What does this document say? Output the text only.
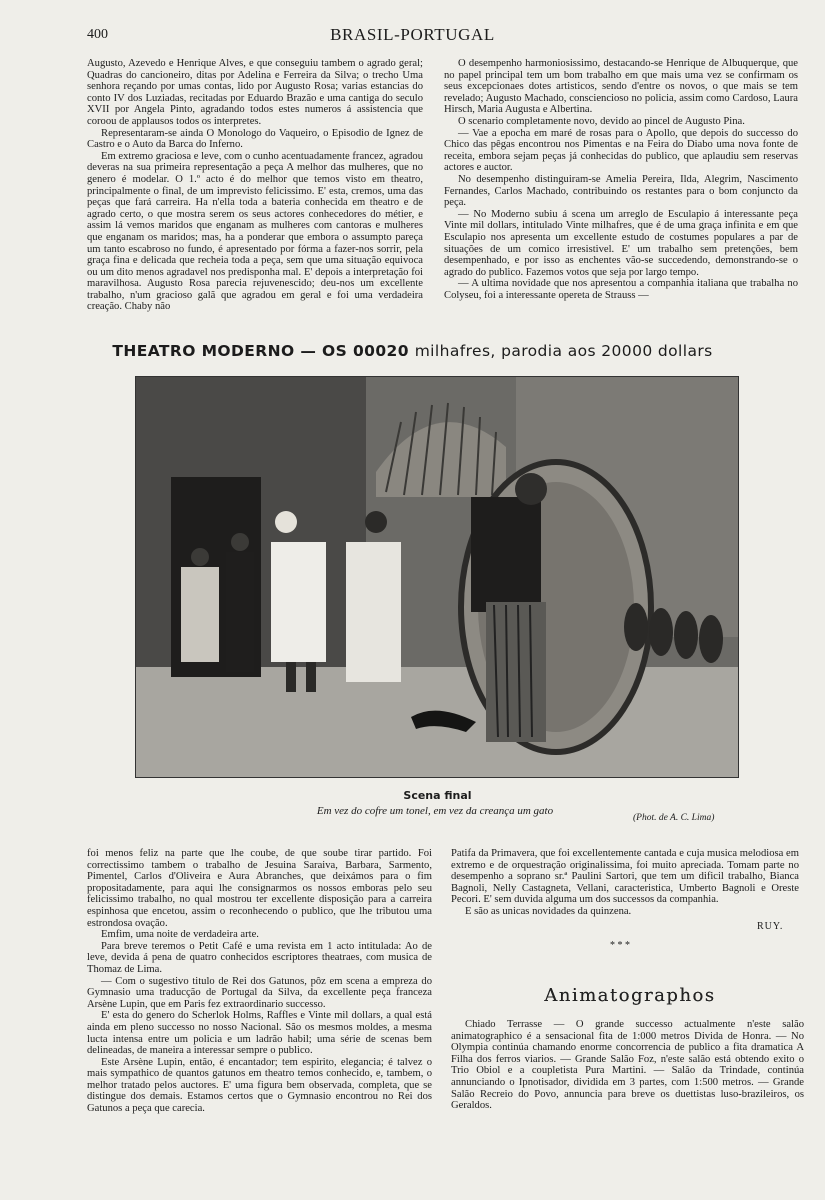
400	BRASIL-PORTUGAL

Augusto, Azevedo e Henrique Alves, e que conseguiu tambem o agrado geral; Quadras do cancioneiro, ditas por Adelina e Ferreira da Silva; o trecho Uma senhora reçando por umas contas, lido por Augusto Rosa; varias estancias do conto IV dos Luziadas, recitadas por Eduardo Brazão e uma cantiga do seculo XVII por Angela Pinto, agradando todos estes numeros á assistencia que coroou de applausos todos os interpretes.

Representaram-se ainda O Monologo do Vaqueiro, o Episodio de Ignez de Castro e o Auto da Barca do Inferno.

Em extremo graciosa e leve, com o cunho acentuadamente francez, agradou deveras na sua primeira representação a peça A melhor das mulheres, que no genero é modelar. O 1.º acto é do melhor que temos visto em theatro, principalmente o final, de um imprevisto felicissimo. E' esta, cremos, uma das peças que fará carreira. Ha n'ella toda a bateria conhecida em theatro e de agrado certo, o que mostra serem os seus actores conhecedores do métier, e assim lá vemos maridos que enganam as mulheres com cantoras e mulheres que enganam os maridos; mas, ha a ponderar que embora o assumpto pareça um tanto escabroso no fundo, é apresentado por fórma a fazer-nos sorrir, pela graça fina e delicada que recheia toda a peça, sem que uma situação equivoca ou um dito menos agradavel nos predisponha mal. E' depois a interpretação foi maravilhosa. Augusto Rosa parecia rejuvenescido; deu-nos um excellente trabalho, n'um gracioso galã que agradou em geral e foi uma verdadeira creação. Chaby não

O desempenho harmoniosissimo, destacando-se Henrique de Albuquerque, que no papel principal tem um bom trabalho em que mais uma vez se confirmam os seus excepcionaes dotes artisticos, sendo d'entre os novos, o que mais se tem revelado; Augusto Machado, consciencioso no policia, assim como Cardoso, Laura Hirsch, Maria Augusta e Albertina.

O scenario completamente novo, devido ao pincel de Augusto Pina.

— Vae a epocha em maré de rosas para o Apollo, que depois do successo do Chico das pêgas encontrou nos Pimentas e na Feira do Diabo uma nova fonte de receita, embora sejam peças já conhecidas do publico, que aplaudiu sem reservas actores e auctor.

No desempenho distinguiram-se Amelia Pereira, Ilda, Alegrim, Nascimento Fernandes, Carlos Machado, contribuindo os restantes para o bom conjuncto da peça.

— No Moderno subiu á scena um arreglo de Esculapio á interessante peça Vinte mil dollars, intitulado Vinte milhafres, que é de uma graça infinita e em que Esculapio nos apresenta um excellente estudo de costumes populares a par de situações de um comico irresistivel. E' um trabalho sem pretenções, bem desempenhado, e por isso as enchentes vão-se succedendo, demonstrando-se o agrado do publico. Fazemos votos que seja por largo tempo.

— A ultima novidade que nos apresentou a companhia italiana que trabalha no Colyseu, foi a interessante opereta de Strauss —

THEATRO MODERNO — OS 00020 milhafres, parodia aos 20000 dollars
Scena final
Em vez do cofre um tonel, em vez da creança um gato
(Phot. de A. C. Lima)

foi menos feliz na parte que lhe coube, de que soube tirar partido. Foi correctissimo tambem o trabalho de Jesuina Saraiva, Barbara, Sarmento, Pimentel, Carlos d'Oliveira e Aura Abranches, que deixámos para o fim propositadamente, para aqui lhe consignarmos os nossos emboras pelo seu felicissimo trabalho, no qual mostrou ter excellente disposição para a carreira espinhosa que encetou, assim o reconhecendo o publico, que lhe tributou uma estrondosa ovação.

Emfim, uma noite de verdadeira arte.

Para breve teremos o Petit Café e uma revista em 1 acto intitulada: Ao de leve, devida á pena de quatro conhecidos escriptores theatraes, com musica de Thomaz de Lima.

— Com o sugestivo titulo de Rei dos Gatunos, pôz em scena a empreza do Gymnasio uma traducção de Portugal da Silva, da excellente peça franceza Arsène Lupin, que em Paris fez extraordinario successo.

E' esta do genero do Scherlok Holms, Raffles e Vinte mil dollars, a qual está ainda em pleno successo no nosso Nacional. São os mesmos moldes, a mesma lucta intensa entre um policia e um ladrão habil; uma série de scenas bem delineadas, de maneira a interessar sempre o publico.

Este Arsène Lupin, então, é encantador; tem espirito, elegancia; é talvez o mais sympathico de quantos gatunos em theatro temos conhecido, e, tambem, o melhor tratado pelos auctores. E' uma figura bem observada, completa, que se distingue dos demais. Estamos certos que o Gymnasio encontrou no Rei dos Gatunos a peça que carecia.

Patifa da Primavera, que foi excellentemente cantada e cuja musica melodiosa em extremo e de orquestração originalissima, foi muito apreciada. Tomam parte no desempenho a soprano sr.ª Paulini Sartori, que tem um dificil trabalho, Bianca Bagnoli, Nelly Castagneta, Vellani, caracteristica, Umberto Bagnoli e Oreste Pecori. E' sem duvida alguma um dos successos da companhia.

E são as unicas novidades da quinzena.

RUY.
* * *
Animatographos

Chiado Terrasse — O grande successo actualmente n'este salão animatographico é a sensacional fita de 1:000 metros Divida de Honra. — No Olympia continúa chamando enorme concorrencia de publico a fita dramatica A Filha dos ferros viarios. — Grande Salão Foz, n'este salão está obtendo exito o Trio Obiol e a coupletista Pura Martini. — Salão da Trindade, continúa annunciando o Ipnotisador, dividida em 3 partes, com 1:500 metros. — Grande Salão Recreio do Povo, annuncia para breve os duettistas luso-brazileiros, os Geraldos.
